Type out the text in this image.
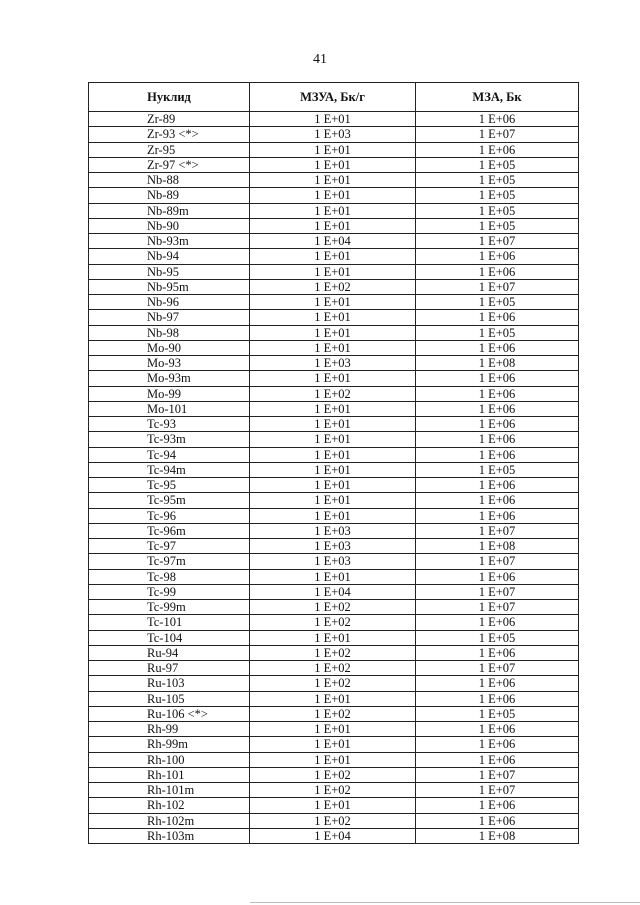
41
Нуклид	МЗУА, Бк/г	МЗА, Бк
Zr-89	1 E+01	1 E+06
Zr-93 <*>	1 E+03	1 E+07
Zr-95	1 E+01	1 E+06
Zr-97 <*>	1 E+01	1 E+05
Nb-88	1 E+01	1 E+05
Nb-89	1 E+01	1 E+05
Nb-89m	1 E+01	1 E+05
Nb-90	1 E+01	1 E+05
Nb-93m	1 E+04	1 E+07
Nb-94	1 E+01	1 E+06
Nb-95	1 E+01	1 E+06
Nb-95m	1 E+02	1 E+07
Nb-96	1 E+01	1 E+05
Nb-97	1 E+01	1 E+06
Nb-98	1 E+01	1 E+05
Mo-90	1 E+01	1 E+06
Mo-93	1 E+03	1 E+08
Mo-93m	1 E+01	1 E+06
Mo-99	1 E+02	1 E+06
Mo-101	1 E+01	1 E+06
Tc-93	1 E+01	1 E+06
Tc-93m	1 E+01	1 E+06
Tc-94	1 E+01	1 E+06
Tc-94m	1 E+01	1 E+05
Tc-95	1 E+01	1 E+06
Tc-95m	1 E+01	1 E+06
Tc-96	1 E+01	1 E+06
Tc-96m	1 E+03	1 E+07
Tc-97	1 E+03	1 E+08
Tc-97m	1 E+03	1 E+07
Tc-98	1 E+01	1 E+06
Tc-99	1 E+04	1 E+07
Tc-99m	1 E+02	1 E+07
Tc-101	1 E+02	1 E+06
Tc-104	1 E+01	1 E+05
Ru-94	1 E+02	1 E+06
Ru-97	1 E+02	1 E+07
Ru-103	1 E+02	1 E+06
Ru-105	1 E+01	1 E+06
Ru-106 <*>	1 E+02	1 E+05
Rh-99	1 E+01	1 E+06
Rh-99m	1 E+01	1 E+06
Rh-100	1 E+01	1 E+06
Rh-101	1 E+02	1 E+07
Rh-101m	1 E+02	1 E+07
Rh-102	1 E+01	1 E+06
Rh-102m	1 E+02	1 E+06
Rh-103m	1 E+04	1 E+08
